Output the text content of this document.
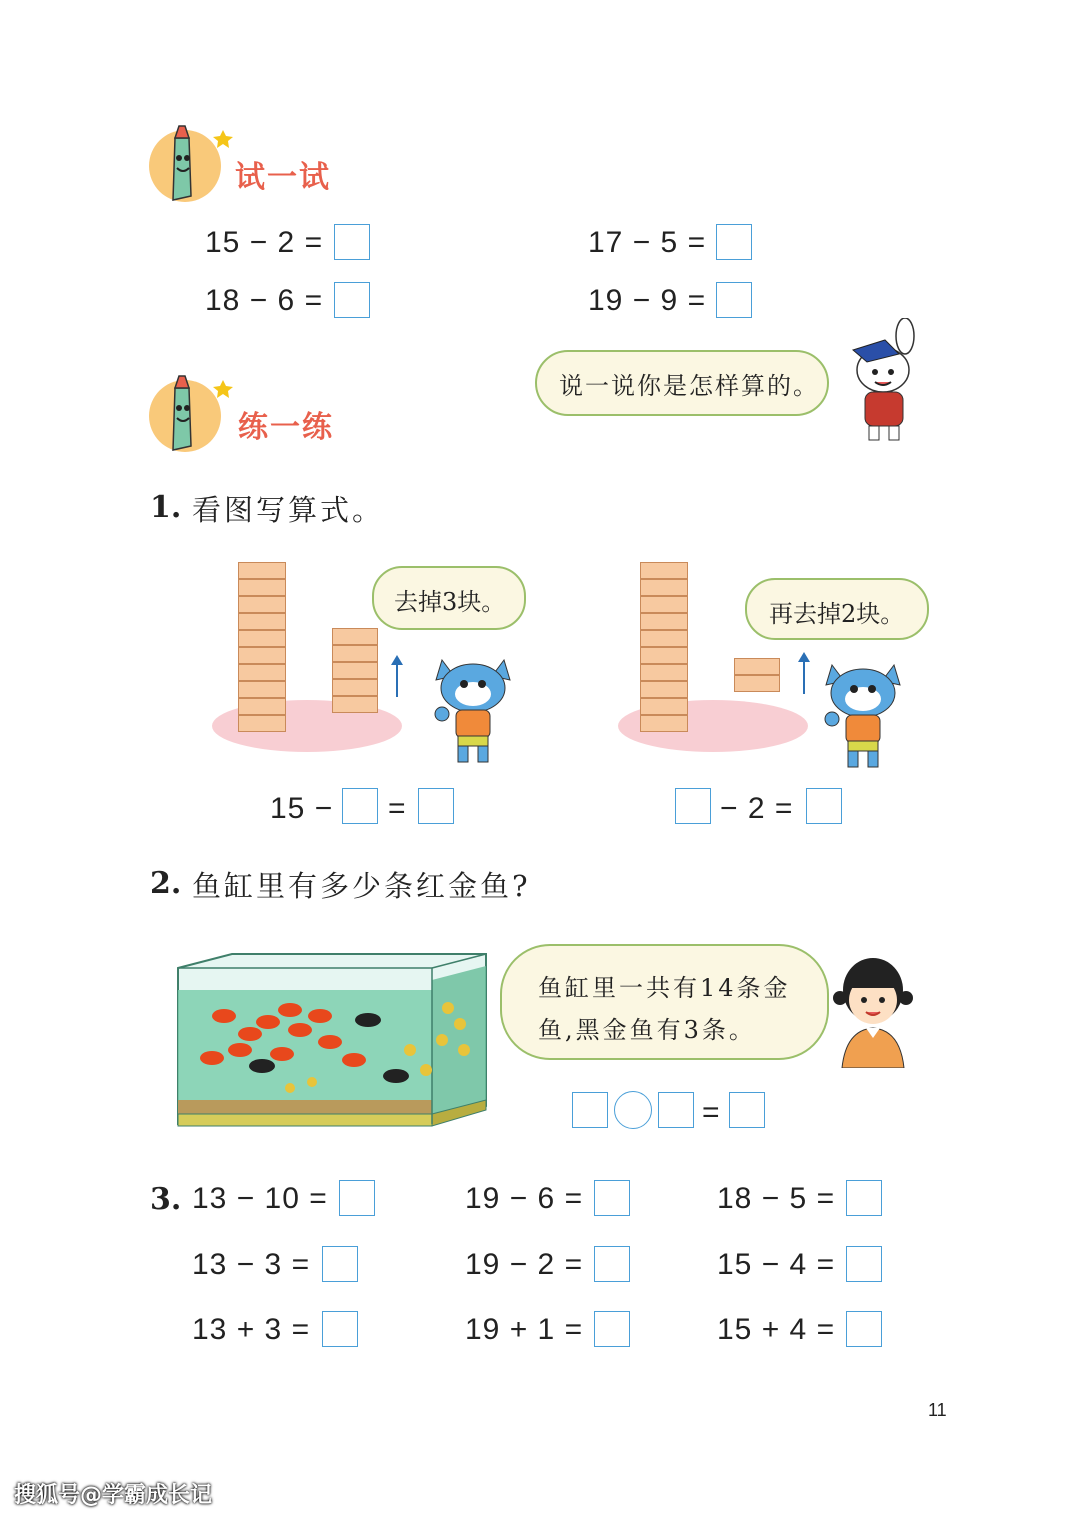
试一试
15 − 2 =	17 − 5 =
18 − 6 =	19 − 9 =
说一说你是怎样算的。
练一练
1. 看图写算式。
去掉3块。
15 − =
再去掉2块。
− 2 =
2. 鱼缸里有多少条红金鱼?
鱼缸里一共有14条金
鱼,黑金鱼有3条。
=
3. 13 − 10 =	19 − 6 =	18 − 5 =
13 − 3 =	19 − 2 =	15 − 4 =
13 + 3 =	19 + 1 =	15 + 4 =
11
搜狐号@学霸成长记
